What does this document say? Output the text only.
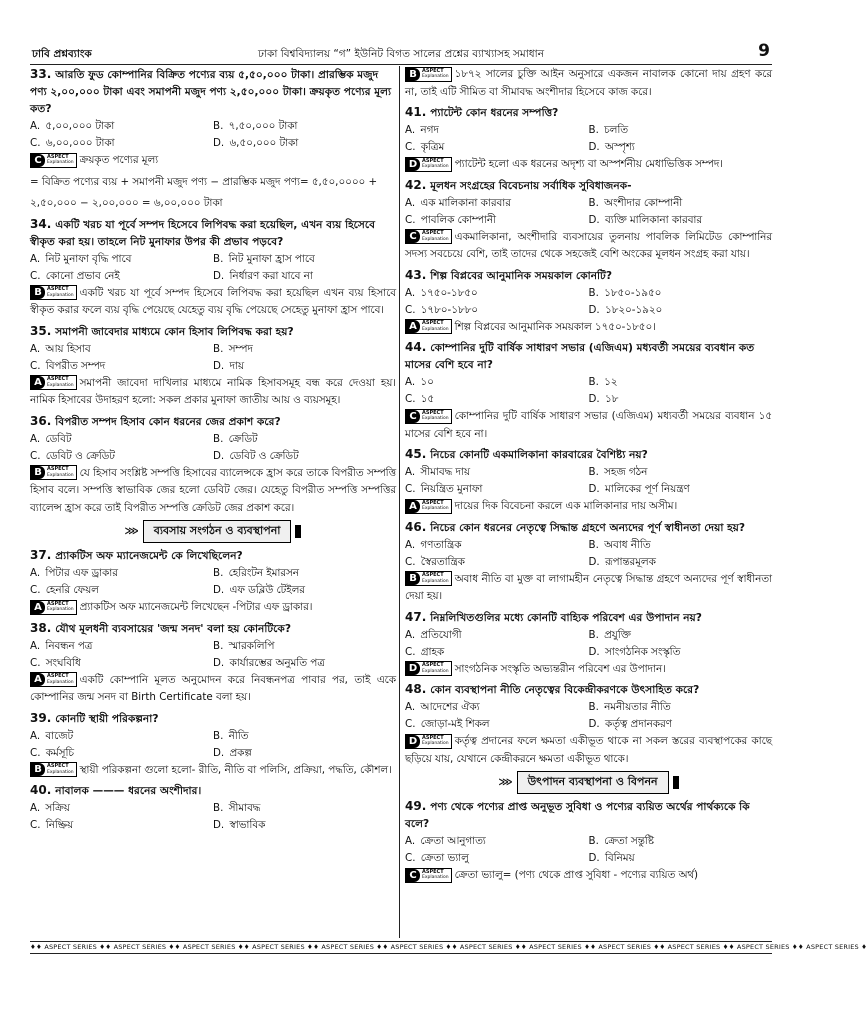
ঢাবি প্রশ্নব্যাংক	ঢাকা বিশ্ববিদ্যালয় “গ” ইউনিট বিগত সালের প্রশ্নের ব্যাখ্যাসহ সমাধান	9
33. আরতি ফুড কোম্পানির বিক্রিত পণ্যের ব্যয় ৫,৫০,০০০ টাকা। প্রারম্ভিক মজুদ পণ্য ২,০০,০০০ টাকা এবং সমাপনী মজুদ পণ্য ২,৫০,০০০ টাকা। ক্রয়কৃত পণ্যের মূল্য কত?
A. ৫,০০,০০০ টাকা	B. ৭,৫০,০০০ টাকা
C. ৬,০০,০০০ টাকা	D. ৬,৫০,০০০ টাকা
C	ASPECT
Explanation ক্রয়কৃত পণ্যের মূল্য
= বিক্রিত পণ্যের ব্যয় + সমাপনী মজুদ পণ্য − প্রারম্ভিক মজুদ পণ্য= ৫,৫০,০০০০ + ২,৫০,০০০ − ২,০০,০০০ = ৬,০০,০০০ টাকা
34. একটি খরচ যা পূর্বে সম্পদ হিসেবে লিপিবদ্ধ করা হয়েছিল, এখন ব্যয় হিসেবে স্বীকৃত করা হয়। তাহলে নিট মুনাফার উপর কী প্রভাব পড়বে?
A. নিট মুনাফা বৃদ্ধি পাবে	B. নিট মুনাফা হ্রাস পাবে
C. কোনো প্রভাব নেই	D. নির্ধারণ করা যাবে না
B	ASPECT
Explanation একটি খরচ যা পূর্বে সম্পদ হিসেবে লিপিবদ্ধ করা হয়েছিল এখন ব্যয় হিসাবে স্বীকৃত করার ফলে ব্যয় বৃদ্ধি পেয়েছে যেহেতু ব্যয় বৃদ্ধি পেয়েছে সেহেতু মুনাফা হ্রাস পাবে।
35. সমাপনী জাবেদার মাধ্যমে কোন হিসাব লিপিবদ্ধ করা হয়?
A. আয় হিসাব	B. সম্পদ
C. বিপরীত সম্পদ	D. দায়
A	ASPECT
Explanation সমাপনী জাবেদা দাখিলার মাধ্যমে নামিক হিসাবসমূহ বন্ধ করে দেওয়া হয়। নামিক হিসাবের উদাহরণ হলো: সকল প্রকার মুনাফা জাতীয় আয় ও ব্যয়সমূহ।
36. বিপরীত সম্পদ হিসাব কোন ধরনের জের প্রকাশ করে?
A. ডেবিট	B. ক্রেডিট
C. ডেবিট ও ক্রেডিট	D. ডেবিট ও ক্রেডিট
B	ASPECT
Explanation যে হিসাব সংশ্লিষ্ট সম্পত্তি হিসাবের ব্যালেন্সকে হ্রাস করে তাকে বিপরীত সম্পত্তি হিসাব বলে। সম্পত্তি স্বাভাবিক জের হলো ডেবিট জের। যেহেতু বিপরীত সম্পত্তি সম্পত্তির ব্যালেন্স হ্রাস করে তাই বিপরীত সম্পত্তি ক্রেডিট জের প্রকাশ করে।
⋙ ব্যবসায় সংগঠন ও ব্যবস্থাপনা
37. প্র্যাকটিস অফ ম্যানেজমেন্ট কে লিখেছিলেন?
A. পিটার এফ ড্রাকার	B. হেরিংটন ইমারসন
C. হেনরি ফেয়ল	D. এফ ডব্লিউ টেইলর
A	ASPECT
Explanation প্র্যাকটিস অফ ম্যানেজমেন্ট লিখেছেন -পিটার এফ ড্রাকার।
38. যৌথ মূলধনী ব্যবসায়ের 'জন্ম সনদ' বলা হয় কোনটিকে?
A. নিবন্ধন পত্র	B. স্মারকলিপি
C. সংঘবিধি	D. কার্যারম্ভের অনুমতি পত্র
A	ASPECT
Explanation একটি কোম্পানি মূলত অনুমোদন করে নিবন্ধনপত্র পাবার পর, তাই একে কোম্পানির জন্ম সনদ বা Birth Certificate বলা হয়।
39. কোনটি স্থায়ী পরিকল্পনা?
A. বাজেট	B. নীতি
C. কর্মসূচি	D. প্রকল্প
B	ASPECT
Explanation স্থায়ী পরিকল্পনা গুলো হলো- রীতি, নীতি বা পলিসি, প্রক্রিয়া, পদ্ধতি, কৌশল।
40. নাবালক ——— ধরনের অংশীদার।
A. সক্রিয়	B. সীমাবদ্ধ
C. নিষ্ক্রিয়	D. স্বাভাবিক
B	ASPECT
Explanation ১৮৭২ সালের চুক্তি আইন অনুসারে একজন নাবালক কোনো দায় গ্রহণ করে না, তাই এটি সীমিত বা সীমাবদ্ধ অংশীদার হিসেবে কাজ করে।
41. প্যাটেন্ট কোন ধরনের সম্পত্তি?
A. নগদ	B. চলতি
C. কৃত্রিম	D. অস্পৃশ্য
D ASPECT
Explanation প্যাটেন্ট হলো এক ধরনের অদৃশ্য বা অস্পর্শনীয় মেধাভিত্তিক সম্পদ।
42. মূলধন সংগ্রহের বিবেচনায় সর্বাধিক সুবিধাজনক-
A. এক মালিকানা কারবার	B. অংশীদার কোম্পানী
C. পাবলিক কোম্পানী	D. ব্যক্তি মালিকানা কারবার
C	ASPECT
Explanation একমালিকানা, অংশীদারি ব্যবসায়ের তুলনায় পাবলিক লিমিটেড কোম্পানির সদস্য সবচেয়ে বেশি, তাই তাদের থেকে সহজেই বেশি অংকের মূলধন সংগ্রহ করা যায়।
43. শিল্প বিপ্লবের আনুমানিক সময়কাল কোনটি?
A. ১৭৫০-১৮৫০	B. ১৮৫০-১৯৫০
C. ১৭৮০-১৮৮০	D. ১৮২০-১৯২০
A	ASPECT
Explanation শিল্প বিপ্লবের আনুমানিক সময়কাল ১৭৫০-১৮৫০।
44. কোম্পানির দুটি বার্ষিক সাধারণ সভার (এজিএম) মধ্যবর্তী সময়ের ব্যবধান কত মাসের বেশি হবে না?
A. ১০	B. ১২
C. ১৫	D. ১৮
C	ASPECT
Explanation কোম্পানির দুটি বার্ষিক সাধারণ সভার (এজিএম) মধ্যবর্তী সময়ের ব্যবধান ১৫ মাসের বেশি হবে না।
45. নিচের কোনটি একমালিকানা কারবারের বৈশিষ্ট্য নয়?
A. সীমাবদ্ধ দায়	B. সহজ গঠন
C. নিয়ন্ত্রিত মুনাফা	D. মালিকের পূর্ণ নিয়ন্ত্রণ
A	ASPECT
Explanation দায়ের দিক বিবেচনা করলে এক মালিকানার দায় অসীম।
46. নিচের কোন ধরনের নেতৃত্বে সিদ্ধান্ত গ্রহণে অন্যদের পূর্ণ স্বাধীনতা দেয়া হয়?
A. গণতান্ত্রিক	B. অবাধ নীতি
C. স্বৈরতান্ত্রিক	D. রূপান্তরমূলক
B	ASPECT
Explanation অবাধ নীতি বা মুক্ত বা লাগামহীন নেতৃত্বে সিদ্ধান্ত গ্রহণে অন্যদের পূর্ণ স্বাধীনতা দেয়া হয়।
47. নিম্নলিখিতগুলির মধ্যে কোনটি বাহ্যিক পরিবেশ এর উপাদান নয়?
A. প্রতিযোগী	B. প্রযুক্তি
C. গ্রাহক	D. সাংগঠনিক সংস্কৃতি
D ASPECT
Explanation সাংগঠনিক সংস্কৃতি অভ্যন্তরীন পরিবেশ এর উপাদান।
48. কোন ব্যবস্থাপনা নীতি নেতৃত্বের বিকেন্দ্রীকরণকে উৎসাহিত করে?
A. আদেশের ঐক্য	B. নমনীয়তার নীতি
C. জোড়া-মই শিকল	D. কর্তৃত্ব প্রদানকরণ
D ASPECT
Explanation কর্তৃত্ব প্রদানের ফলে ক্ষমতা একীভূত থাকে না সকল স্তরের ব্যবস্থাপকের কাছে ছড়িয়ে যায়, যেখানে কেন্দ্রীকরনে ক্ষমতা একীভূত থাকে।
⋙ উৎপাদন ব্যবস্থাপনা ও বিপনন
49. পণ্য থেকে পণ্যের প্রাপ্ত অনুভূত সুবিধা ও পণ্যের ব্যয়িত অর্থের পার্থক্যকে কি বলে?
A. ক্রেতা আনুগাত্য	B. ক্রেতা সন্তুষ্টি
C. ক্রেতা ভ্যালু	D. বিনিময়
C	ASPECT
Explanation ক্রেতা ভ্যালু= (পণ্য থেকে প্রাপ্ত সুবিধা - পণ্যের ব্যয়িত অর্থ)
♦♦ ASPECT SERIES ♦♦ ASPECT SERIES ♦♦ ASPECT SERIES ♦♦ ASPECT SERIES ♦♦ ASPECT SERIES ♦♦ ASPECT SERIES ♦♦ ASPECT SERIES ♦♦ ASPECT SERIES ♦♦ ASPECT SERIES ♦♦ ASPECT SERIES ♦♦ ASPECT SERIES ♦♦ ASPECT SERIES ♦
